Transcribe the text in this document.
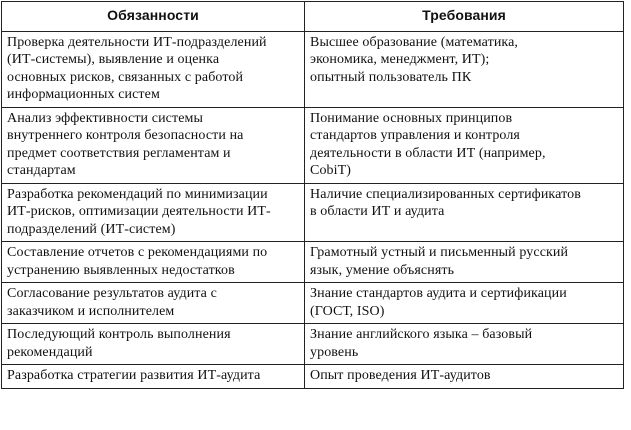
Обязанности	Требования

Проверка деятельности ИТ-подразделений
(ИТ-системы), выявление и оценка
основных рисков, связанных с работой
информационных систем	Высшее образование (математика,
экономика, менеджмент, ИТ);
опытный пользователь ПК

Анализ эффективности системы
внутреннего контроля безопасности на
предмет соответствия регламентам и
стандартам	Понимание основных принципов
стандартов управления и контроля
деятельности в области ИТ (например,
CobiT)

Разработка рекомендаций по минимизации
ИТ-рисков, оптимизации деятельности ИТ-
подразделений (ИТ-систем)	Наличие специализированных сертификатов
в области ИТ и аудита

Составление отчетов с рекомендациями по
устранению выявленных недостатков	Грамотный устный и письменный русский
язык, умение объяснять

Согласование результатов аудита с
заказчиком и исполнителем	Знание стандартов аудита и сертификации
(ГОСТ, ISO)

Последующий контроль выполнения
рекомендаций	Знание английского языка – базовый
уровень

Разработка стратегии развития ИТ-аудита	Опыт проведения ИТ-аудитов
